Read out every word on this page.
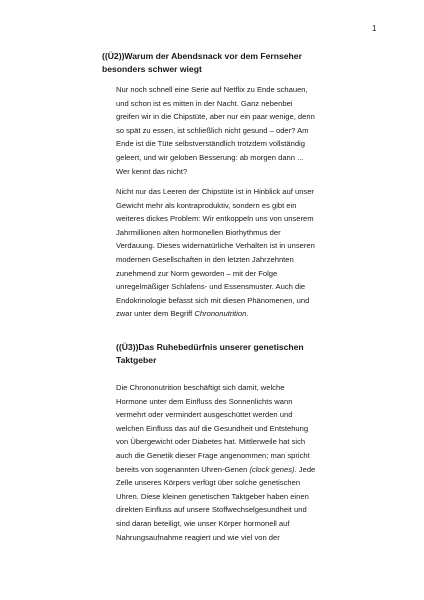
1
((Ü2))Warum der Abendsnack vor dem Fernseher
besonders schwer wiegt

Nur noch schnell eine Serie auf Netflix zu Ende schauen,
und schon ist es mitten in der Nacht. Ganz nebenbei
greifen wir in die Chipstüte, aber nur ein paar wenige, denn
so spät zu essen, ist schließlich nicht gesund – oder? Am
Ende ist die Tüte selbstverständlich trotzdem vollständig
geleert, und wir geloben Besserung: ab morgen dann ...
Wer kennt das nicht?

Nicht nur das Leeren der Chipstüte ist in Hinblick auf unser
Gewicht mehr als kontraproduktiv, sondern es gibt ein
weiteres dickes Problem: Wir entkoppeln uns von unserem
Jahrmillionen alten hormonellen Biorhythmus der
Verdauung. Dieses widernatürliche Verhalten ist in unseren
modernen Gesellschaften in den letzten Jahrzehnten
zunehmend zur Norm geworden – mit der Folge
unregelmäßiger Schlafens- und Essensmuster. Auch die
Endokrinologie befasst sich mit diesen Phänomenen, und
zwar unter dem Begriff Chrononutrition.

((Ü3))Das Ruhebedürfnis unserer genetischen
Taktgeber

Die Chrononutrition beschäftigt sich damit, welche
Hormone unter dem Einfluss des Sonnenlichts wann
vermehrt oder vermindert ausgeschüttet werden und
welchen Einfluss das auf die Gesundheit und Entstehung
von Übergewicht oder Diabetes hat. Mittlerweile hat sich
auch die Genetik dieser Frage angenommen; man spricht
bereits von sogenannten Uhren-Genen (clock genes). Jede
Zelle unseres Körpers verfügt über solche genetischen
Uhren. Diese kleinen genetischen Taktgeber haben einen
direkten Einfluss auf unsere Stoffwechselgesundheit und
sind daran beteiligt, wie unser Körper hormonell auf
Nahrungsaufnahme reagiert und wie viel von der
